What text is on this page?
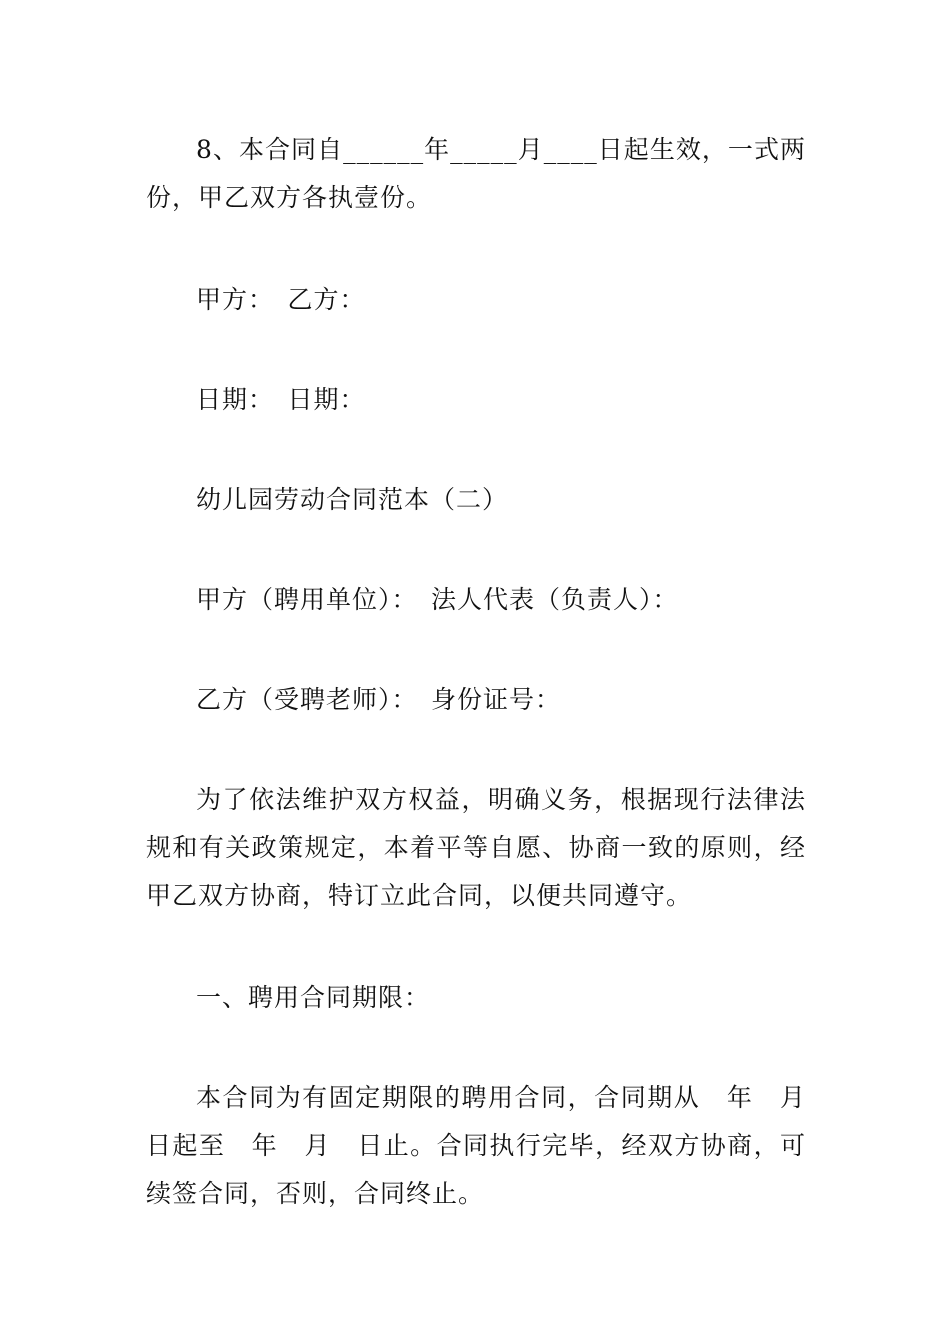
8、本合同自______年_____月____日起生效，一式两份，甲乙双方各执壹份。

甲方：　乙方：

日期：　日期：

幼儿园劳动合同范本（二）

甲方（聘用单位）：　法人代表（负责人）：

乙方（受聘老师）：　身份证号：

为了依法维护双方权益，明确义务，根据现行法律法规和有关政策规定，本着平等自愿、协商一致的原则，经甲乙双方协商，特订立此合同，以便共同遵守。

一、聘用合同期限：

本合同为有固定期限的聘用合同，合同期从　年　月　日起至　年　月　日止。合同执行完毕，经双方协商，可续签合同，否则，合同终止。
